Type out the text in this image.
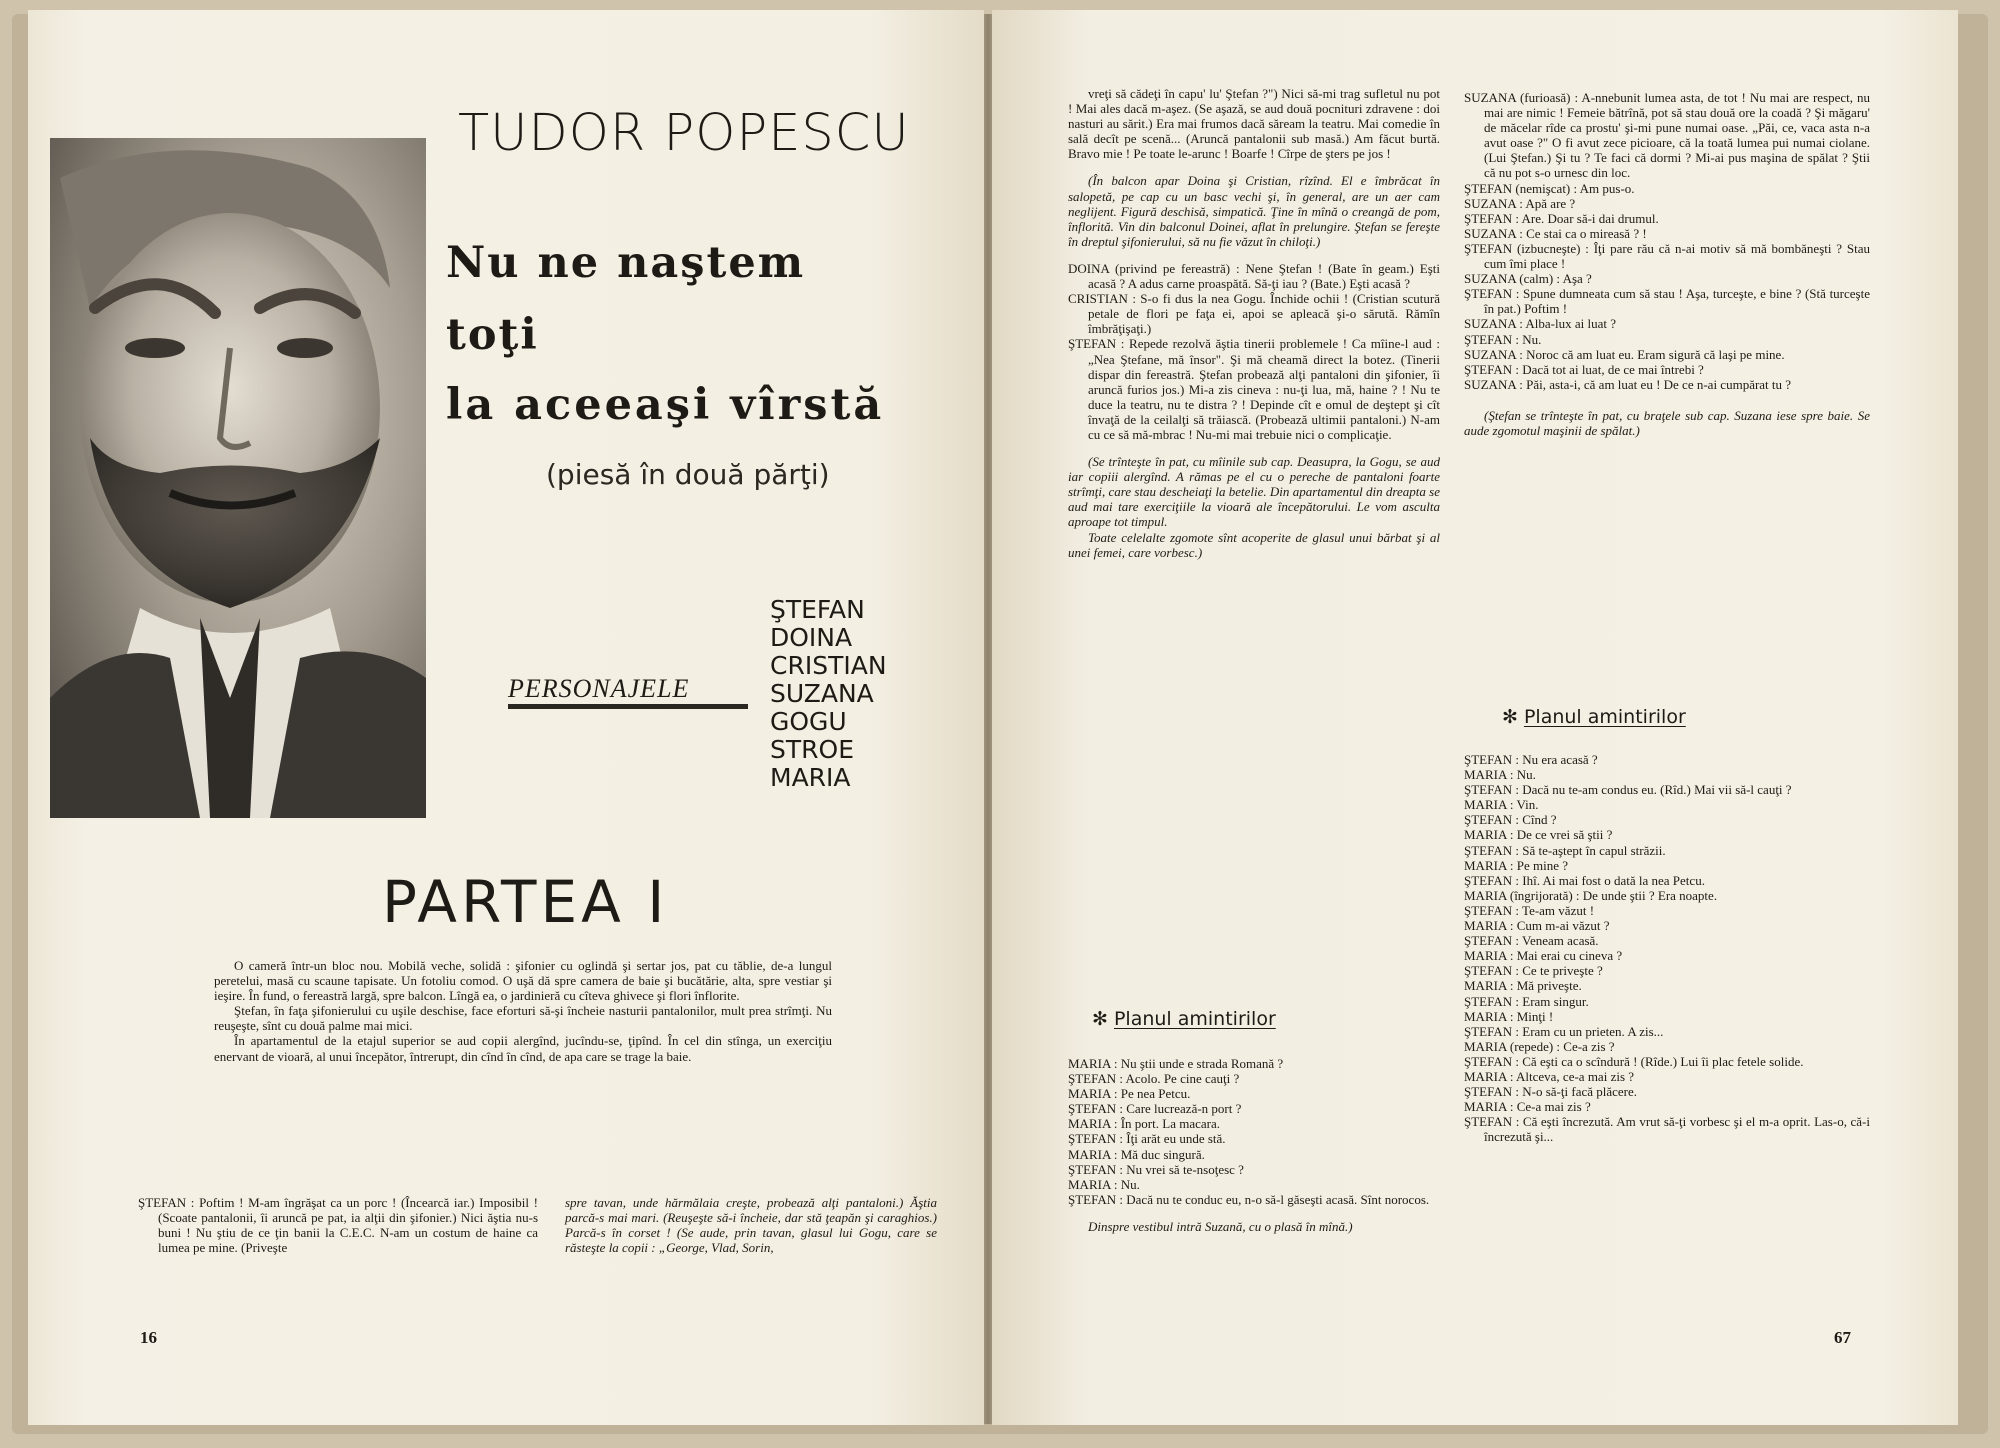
TUDOR POPESCU

Nu ne naştem

toţi

la aceeaşi vîrstă

(piesă în două părţi)

PERSONAJELE

ŞTEFAN
DOINA
CRISTIAN
SUZANA
GOGU
STROE
MARIA

PARTEA I

O cameră într-un bloc nou. Mobilă veche, solidă : şifonier cu oglindă şi sertar jos, pat cu tăblie, de-a lungul peretelui, masă cu scaune tapisate. Un fotoliu comod. O uşă dă spre camera de baie şi bucătărie, alta, spre vestiar şi ieşire. În fund, o fereastră largă, spre balcon. Lîngă ea, o jardinieră cu cîteva ghivece şi flori înflorite.

Ştefan, în faţa şifonierului cu uşile deschise, face eforturi să-şi încheie nasturii pantalonilor, mult prea strîmţi. Nu reuşeşte, sînt cu două palme mai mici.

În apartamentul de la etajul superior se aud copii alergînd, jucîndu-se, ţipînd. În cel din stînga, un exerciţiu enervant de vioară, al unui începător, întrerupt, din cînd în cînd, de apa care se trage la baie.

ŞTEFAN : Poftim ! M-am îngrăşat ca un porc ! (Încearcă iar.) Imposibil ! (Scoate pantalonii, îi aruncă pe pat, ia alţii din şifonier.) Nici ăştia nu-s buni ! Nu ştiu de ce ţin banii la C.E.C. N-am un costum de haine ca lumea pe mine. (Priveşte

spre tavan, unde hărmălaia creşte, probează alţi pantaloni.) Ăştia parcă-s mai mari. (Reuşeşte să-i încheie, dar stă ţeapăn şi caraghios.) Parcă-s în corset ! (Se aude, prin tavan, glasul lui Gogu, care se răsteşte la copii : „George, Vlad, Sorin,

16

vreţi să cădeţi în capu' lu' Ştefan ?") Nici să-mi trag sufletul nu pot ! Mai ales dacă m-aşez. (Se aşază, se aud două pocnituri zdravene : doi nasturi au sărit.) Era mai frumos dacă săream la teatru. Mai comedie în sală decît pe scenă... (Aruncă pantalonii sub masă.) Am făcut burtă. Bravo mie ! Pe toate le-arunc ! Boarfe ! Cîrpe de şters pe jos !

(În balcon apar Doina şi Cristian, rîzînd. El e îmbrăcat în salopetă, pe cap cu un basc vechi şi, în general, are un aer cam neglijent. Figură deschisă, simpatică. Ţine în mînă o creangă de pom, înflorită. Vin din balconul Doinei, aflat în prelungire. Ştefan se fereşte în dreptul şifonierului, să nu fie văzut în chiloţi.)

DOINA (privind pe fereastră) : Nene Ştefan ! (Bate în geam.) Eşti acasă ? A adus carne proaspătă. Să-ţi iau ? (Bate.) Eşti acasă ?

CRISTIAN : S-o fi dus la nea Gogu. Închide ochii ! (Cristian scutură petale de flori pe faţa ei, apoi se apleacă şi-o sărută. Rămîn îmbrăţişaţi.)

ŞTEFAN : Repede rezolvă ăştia tinerii problemele ! Ca mîine-l aud : „Nea Ştefane, mă însor". Şi mă cheamă direct la botez. (Tinerii dispar din fereastră. Ştefan probează alţi pantaloni din şifonier, îi aruncă furios jos.) Mi-a zis cineva : nu-ţi lua, mă, haine ? ! Nu te duce la teatru, nu te distra ? ! Depinde cît e omul de deştept şi cît învaţă de la ceilalţi să trăiască. (Probează ultimii pantaloni.) N-am cu ce să mă-mbrac ! Nu-mi mai trebuie nici o complicaţie.

(Se trînteşte în pat, cu mîinile sub cap. Deasupra, la Gogu, se aud iar copiii alergînd. A rămas pe el cu o pereche de pantaloni foarte strîmţi, care stau descheiaţi la betelie. Din apartamentul din dreapta se aud mai tare exerciţiile la vioară ale începătorului. Le vom asculta aproape tot timpul.

Toate celelalte zgomote sînt acoperite de glasul unui bărbat şi al unei femei, care vorbesc.)

✻ Planul amintirilor

MARIA : Nu ştii unde e strada Romană ?

ŞTEFAN : Acolo. Pe cine cauţi ?

MARIA : Pe nea Petcu.

ŞTEFAN : Care lucrează-n port ?

MARIA : În port. La macara.

ŞTEFAN : Îţi arăt eu unde stă.

MARIA : Mă duc singură.

ŞTEFAN : Nu vrei să te-nsoţesc ?

MARIA : Nu.

ŞTEFAN : Dacă nu te conduc eu, n-o să-l găseşti acasă. Sînt norocos.

Dinspre vestibul intră Suzană, cu o plasă în mînă.)

SUZANA (furioasă) : A-nnebunit lumea asta, de tot ! Nu mai are respect, nu mai are nimic ! Femeie bătrînă, pot să stau două ore la coadă ? Şi măgaru' de măcelar rîde ca prostu' şi-mi pune numai oase. „Păi, ce, vaca asta n-a avut oase ?" O fi avut zece picioare, că la toată lumea pui numai ciolane. (Lui Ştefan.) Şi tu ? Te faci că dormi ? Mi-ai pus maşina de spălat ? Ştii că nu pot s-o urnesc din loc.

ŞTEFAN (nemişcat) : Am pus-o.

SUZANA : Apă are ?

ŞTEFAN : Are. Doar să-i dai drumul.

SUZANA : Ce stai ca o mireasă ? !

ŞTEFAN (izbucneşte) : Îţi pare rău că n-ai motiv să mă bombăneşti ? Stau cum îmi place !

SUZANA (calm) : Aşa ?

ŞTEFAN : Spune dumneata cum să stau ! Aşa, turceşte, e bine ? (Stă turceşte în pat.) Poftim !

SUZANA : Alba-lux ai luat ?

ŞTEFAN : Nu.

SUZANA : Noroc că am luat eu. Eram sigură că laşi pe mine.

ŞTEFAN : Dacă tot ai luat, de ce mai întrebi ?

SUZANA : Păi, asta-i, că am luat eu ! De ce n-ai cumpărat tu ?

(Ştefan se trînteşte în pat, cu braţele sub cap. Suzana iese spre baie. Se aude zgomotul maşinii de spălat.)

✻ Planul amintirilor

ŞTEFAN : Nu era acasă ?

MARIA : Nu.

ŞTEFAN : Dacă nu te-am condus eu. (Rîd.) Mai vii să-l cauţi ?

MARIA : Vin.

ŞTEFAN : Cînd ?

MARIA : De ce vrei să ştii ?

ŞTEFAN : Să te-aştept în capul străzii.

MARIA : Pe mine ?

ŞTEFAN : Ihî. Ai mai fost o dată la nea Petcu.

MARIA (îngrijorată) : De unde ştii ? Era noapte.

ŞTEFAN : Te-am văzut !

MARIA : Cum m-ai văzut ?

ŞTEFAN : Veneam acasă.

MARIA : Mai erai cu cineva ?

ŞTEFAN : Ce te priveşte ?

MARIA : Mă priveşte.

ŞTEFAN : Eram singur.

MARIA : Minţi !

ŞTEFAN : Eram cu un prieten. A zis...

MARIA (repede) : Ce-a zis ?

ŞTEFAN : Că eşti ca o scîndură ! (Rîde.) Lui îi plac fetele solide.

MARIA : Altceva, ce-a mai zis ?

ŞTEFAN : N-o să-ţi facă plăcere.

MARIA : Ce-a mai zis ?

ŞTEFAN : Că eşti încrezută. Am vrut să-ţi vorbesc şi el m-a oprit. Las-o, că-i încrezută şi...

67
